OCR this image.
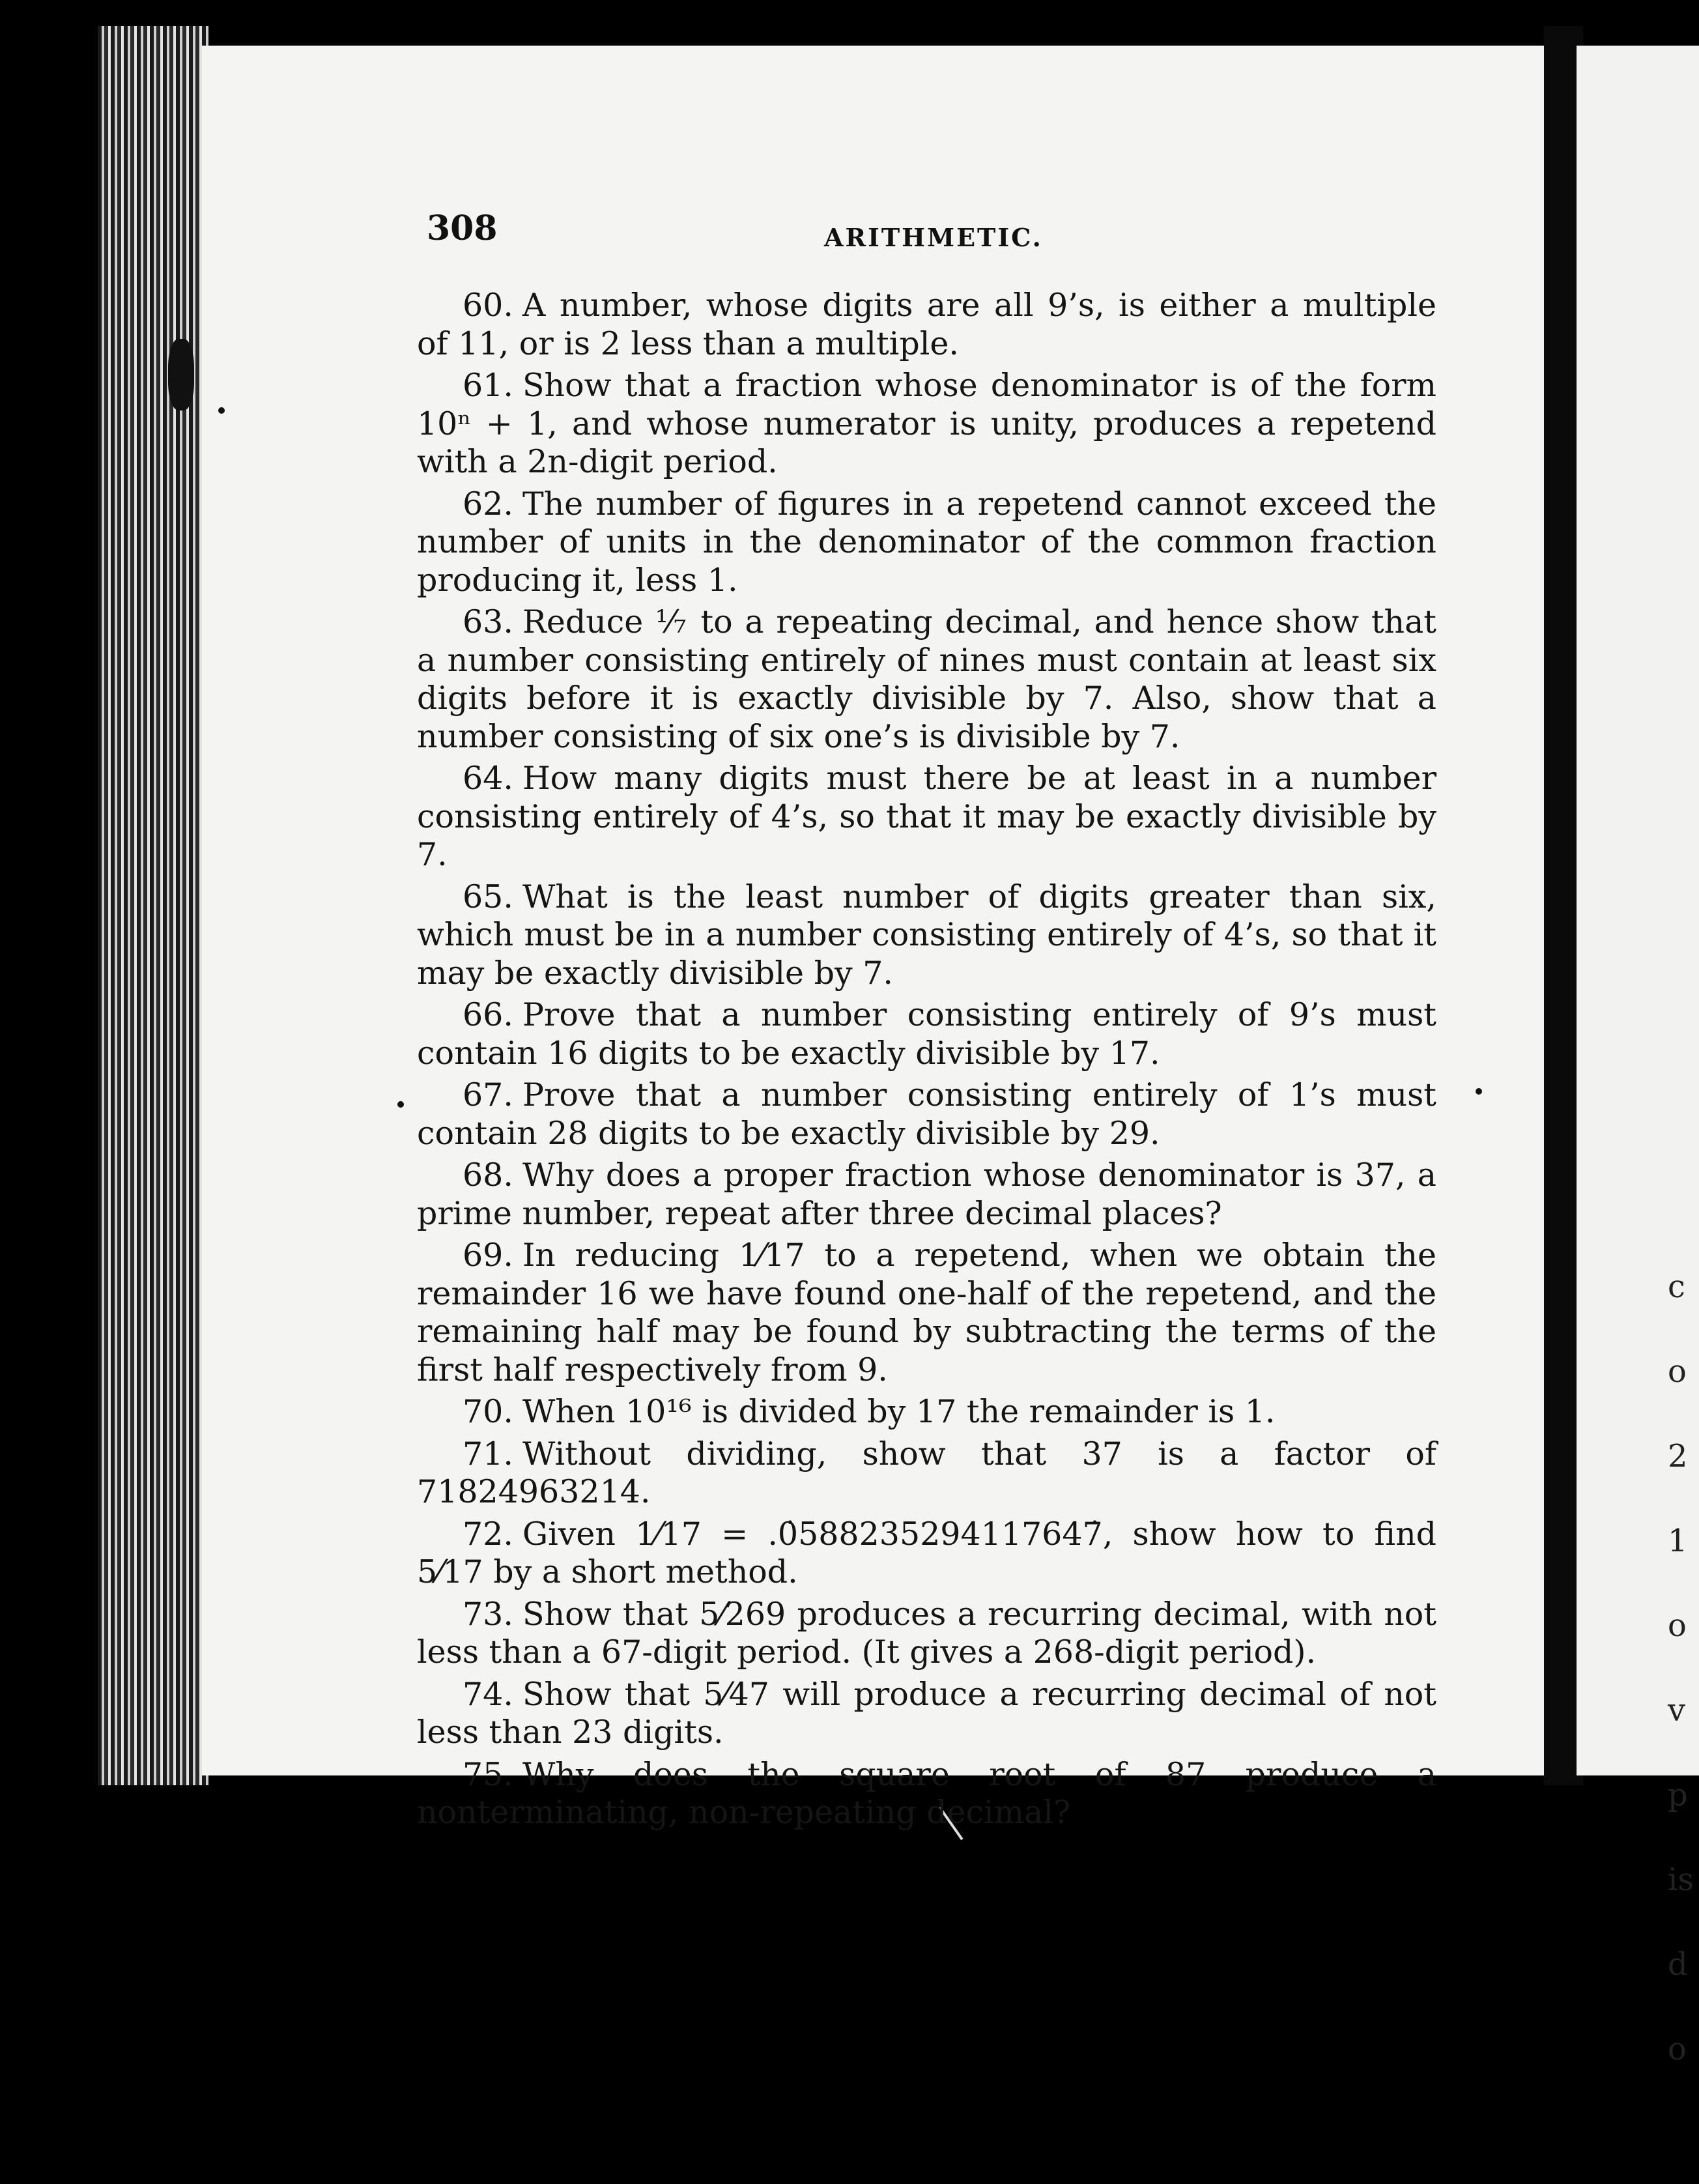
308	ARITHMETIC.

60. A number, whose digits are all 9’s, is either a multiple of 11, or is 2 less than a multiple.

61. Show that a fraction whose denominator is of the form 10ⁿ + 1, and whose numerator is unity, produces a repetend with a 2n-digit period.

62. The number of figures in a repetend cannot exceed the number of units in the denominator of the common fraction producing it, less 1.

63. Reduce ⅐ to a repeating decimal, and hence show that a number consisting entirely of nines must contain at least six digits before it is exactly divisible by 7. Also, show that a number consisting of six one’s is divisible by 7.

64. How many digits must there be at least in a number consisting entirely of 4’s, so that it may be exactly divisible by 7.

65. What is the least number of digits greater than six, which must be in a number consisting entirely of 4’s, so that it may be exactly divisible by 7.

66. Prove that a number consisting entirely of 9’s must contain 16 digits to be exactly divisible by 17.

67. Prove that a number consisting entirely of 1’s must contain 28 digits to be exactly divisible by 29.

68. Why does a proper fraction whose denominator is 37, a prime number, repeat after three decimal places?

69. In reducing 1⁄17 to a repetend, when we obtain the remainder 16 we have found one-half of the repetend, and the remaining half may be found by subtracting the terms of the first half respectively from 9.

70. When 10¹⁶ is divided by 17 the remainder is 1.

71. Without dividing, show that 37 is a factor of 71824963214.

72. Given 1⁄17 = .0̇588235294117647̇, show how to find 5⁄17 by a short method.

73. Show that 5⁄269 produces a recurring decimal, with not less than a 67-digit period. (It gives a 268-digit period).

74. Show that 5⁄47 will produce a recurring decimal of not less than 23 digits.

75. Why does the square root of 87 produce a nonterminating, non-repeating decimal?

c
o
2
1
o
v
p
is
d
o
